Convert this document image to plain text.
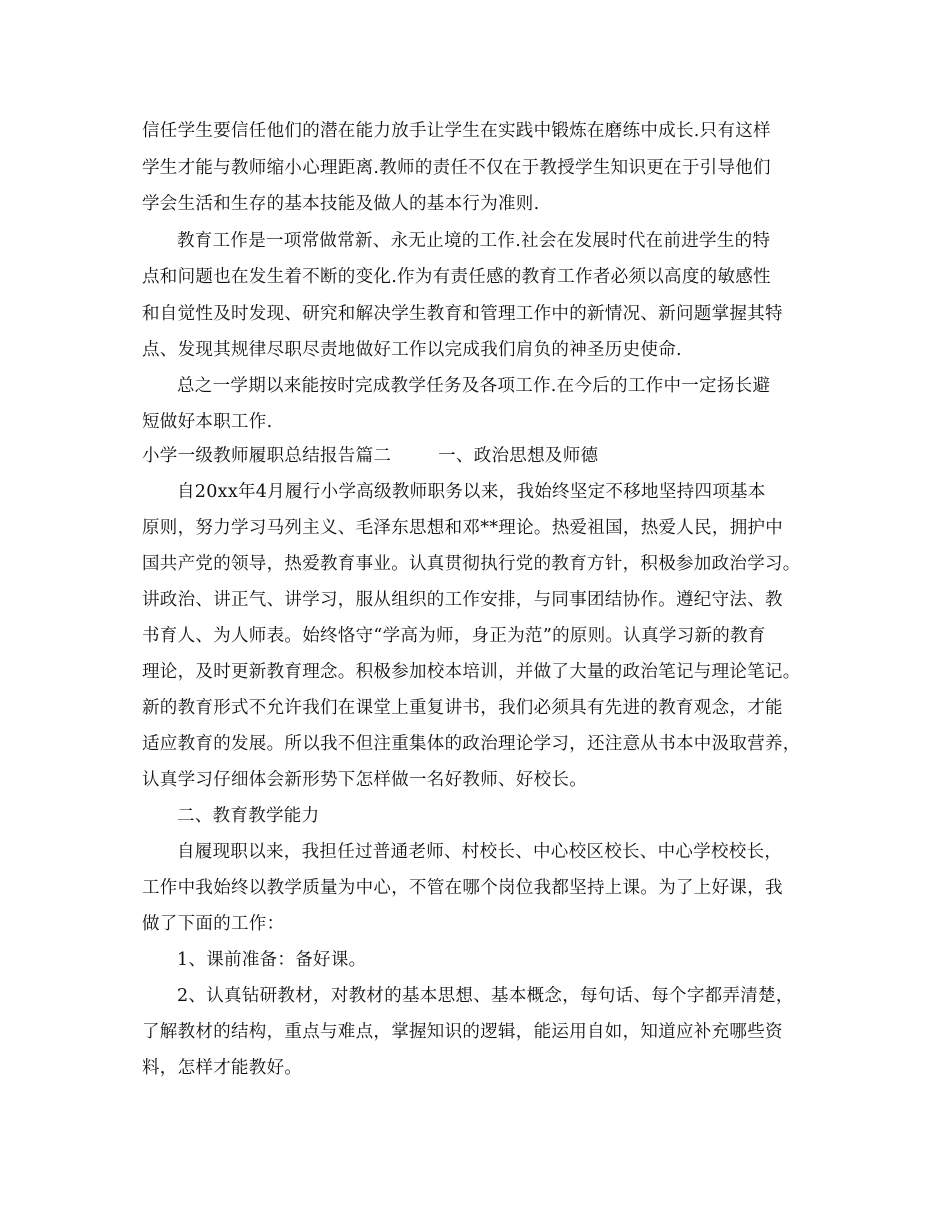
信任学生要信任他们的潜在能力放手让学生在实践中锻炼在磨练中成长.只有这样
学生才能与教师缩小心理距离.教师的责任不仅在于教授学生知识更在于引导他们
学会生活和生存的基本技能及做人的基本行为准则.
教育工作是一项常做常新、永无止境的工作.社会在发展时代在前进学生的特
点和问题也在发生着不断的变化.作为有责任感的教育工作者必须以高度的敏感性
和自觉性及时发现、研究和解决学生教育和管理工作中的新情况、新问题掌握其特
点、发现其规律尽职尽责地做好工作以完成我们肩负的神圣历史使命.
总之一学期以来能按时完成教学任务及各项工作.在今后的工作中一定扬长避
短做好本职工作.
小学一级教师履职总结报告篇二        一、政治思想及师德
自20xx年4月履行小学高级教师职务以来，我始终坚定不移地坚持四项基本
原则，努力学习马列主义、毛泽东思想和邓**理论。热爱祖国，热爱人民，拥护中
国共产党的领导，热爱教育事业。认真贯彻执行党的教育方针，积极参加政治学习。
讲政治、讲正气、讲学习，服从组织的工作安排，与同事团结协作。遵纪守法、教
书育人、为人师表。始终恪守“学高为师，身正为范”的原则。认真学习新的教育
理论，及时更新教育理念。积极参加校本培训，并做了大量的政治笔记与理论笔记。
新的教育形式不允许我们在课堂上重复讲书，我们必须具有先进的教育观念，才能
适应教育的发展。所以我不但注重集体的政治理论学习，还注意从书本中汲取营养，
认真学习仔细体会新形势下怎样做一名好教师、好校长。
二、教育教学能力
自履现职以来，我担任过普通老师、村校长、中心校区校长、中心学校校长，
工作中我始终以教学质量为中心，不管在哪个岗位我都坚持上课。为了上好课，我
做了下面的工作：
1、课前准备：备好课。
2、认真钻研教材，对教材的基本思想、基本概念，每句话、每个字都弄清楚，
了解教材的结构，重点与难点，掌握知识的逻辑，能运用自如，知道应补充哪些资
料，怎样才能教好。
